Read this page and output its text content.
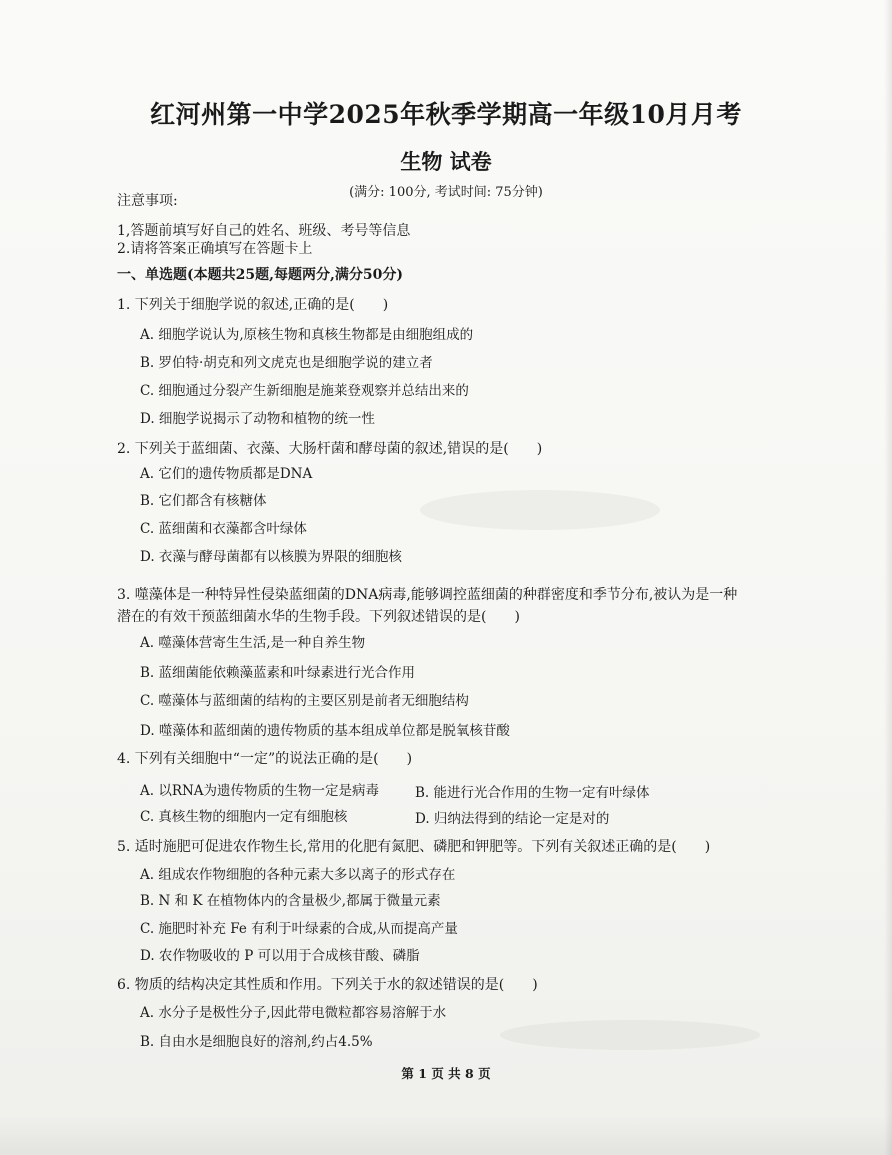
红河州第一中学2025年秋季学期高一年级10月月考
生物 试卷
(满分: 100分, 考试时间: 75分钟)
注意事项:
1,答题前填写好自己的姓名、班级、考号等信息
2.请将答案正确填写在答题卡上
一、单选题(本题共25题,每题两分,满分50分)
1. 下列关于细胞学说的叙述,正确的是(　　)
A. 细胞学说认为,原核生物和真核生物都是由细胞组成的
B. 罗伯特·胡克和列文虎克也是细胞学说的建立者
C. 细胞通过分裂产生新细胞是施莱登观察并总结出来的
D. 细胞学说揭示了动物和植物的统一性
2. 下列关于蓝细菌、衣藻、大肠杆菌和酵母菌的叙述,错误的是(　　)
A. 它们的遗传物质都是DNA
B. 它们都含有核糖体
C. 蓝细菌和衣藻都含叶绿体
D. 衣藻与酵母菌都有以核膜为界限的细胞核
3. 噬藻体是一种特异性侵染蓝细菌的DNA病毒,能够调控蓝细菌的种群密度和季节分布,被认为是一种
潜在的有效干预蓝细菌水华的生物手段。下列叙述错误的是(　　)
A. 噬藻体营寄生生活,是一种自养生物
B. 蓝细菌能依赖藻蓝素和叶绿素进行光合作用
C. 噬藻体与蓝细菌的结构的主要区别是前者无细胞结构
D. 噬藻体和蓝细菌的遗传物质的基本组成单位都是脱氧核苷酸
4. 下列有关细胞中“一定”的说法正确的是(　　)
A. 以RNA为遗传物质的生物一定是病毒	B. 能进行光合作用的生物一定有叶绿体
C. 真核生物的细胞内一定有细胞核	D. 归纳法得到的结论一定是对的
5. 适时施肥可促进农作物生长,常用的化肥有氮肥、磷肥和钾肥等。下列有关叙述正确的是(　　)
A. 组成农作物细胞的各种元素大多以离子的形式存在
B. N 和 K 在植物体内的含量极少,都属于微量元素
C. 施肥时补充 Fe 有利于叶绿素的合成,从而提高产量
D. 农作物吸收的 P 可以用于合成核苷酸、磷脂
6. 物质的结构决定其性质和作用。下列关于水的叙述错误的是(　　)
A. 水分子是极性分子,因此带电微粒都容易溶解于水
B. 自由水是细胞良好的溶剂,约占4.5%
第 1 页 共 8 页
